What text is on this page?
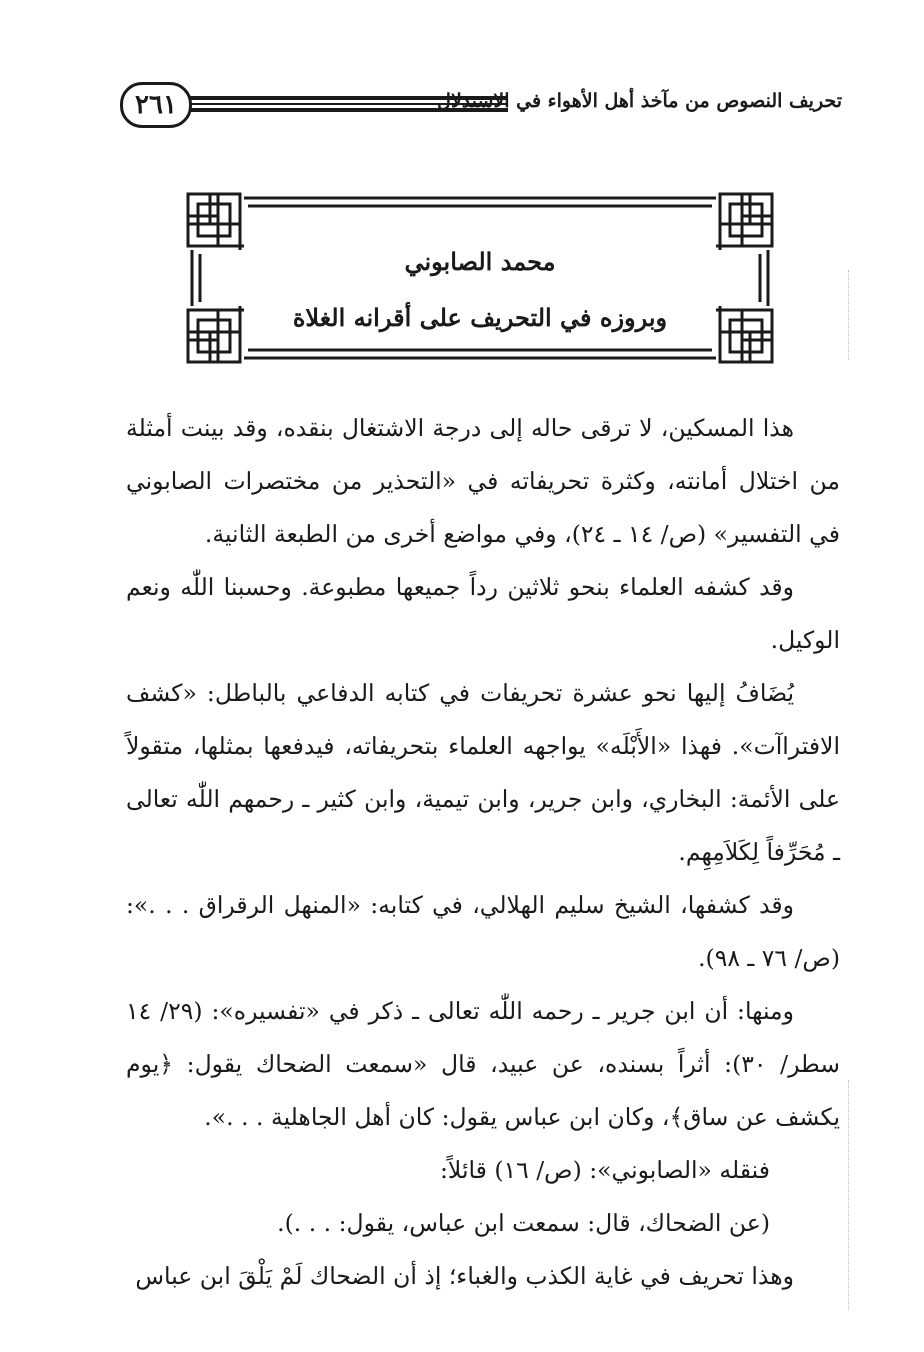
٢٦١	تحريف النصوص من مآخذ أهل الأهواء في الاستدلال
محمد الصابوني
وبروزه في التحريف على أقرانه الغلاة

هذا المسكين، لا ترقى حاله إلى درجة الاشتغال بنقده، وقد بينت أمثلة من اختلال أمانته، وكثرة تحريفاته في «التحذير من مختصرات الصابوني في التفسير» (ص/ ١٤ ـ ٢٤)، وفي مواضع أخرى من الطبعة الثانية.

وقد كشفه العلماء بنحو ثلاثين رداً جميعها مطبوعة. وحسبنا اللّٰه ونعم الوكيل.

يُضَافُ إليها نحو عشرة تحريفات في كتابه الدفاعي بالباطل: «كشف الافتراآت». فهذا «الأَبْلَه» يواجهه العلماء بتحريفاته، فيدفعها بمثلها، متقولاً على الأئمة: البخاري، وابن جرير، وابن تيمية، وابن كثير ـ رحمهم اللّٰه تعالى ـ مُحَرِّفاً لِكَلاَمِهِم.

وقد كشفها، الشيخ سليم الهلالي، في كتابه: «المنهل الرقراق . . .»: (ص/ ٧٦ ـ ٩٨).

ومنها: أن ابن جرير ـ رحمه اللّٰه تعالى ـ ذكر في «تفسيره»: (٢٩/ ١٤ سطر/ ٣٠): أثراً بسنده، عن عبيد، قال «سمعت الضحاك يقول: ﴿يوم يكشف عن ساق﴾، وكان ابن عباس يقول: كان أهل الجاهلية . . .».

فنقله «الصابوني»: (ص/ ١٦) قائلاً:

(عن الضحاك، قال: سمعت ابن عباس، يقول: . . .).

وهذا تحريف في غاية الكذب والغباء؛ إذ أن الضحاك لَمْ يَلْقَ ابن عباس
